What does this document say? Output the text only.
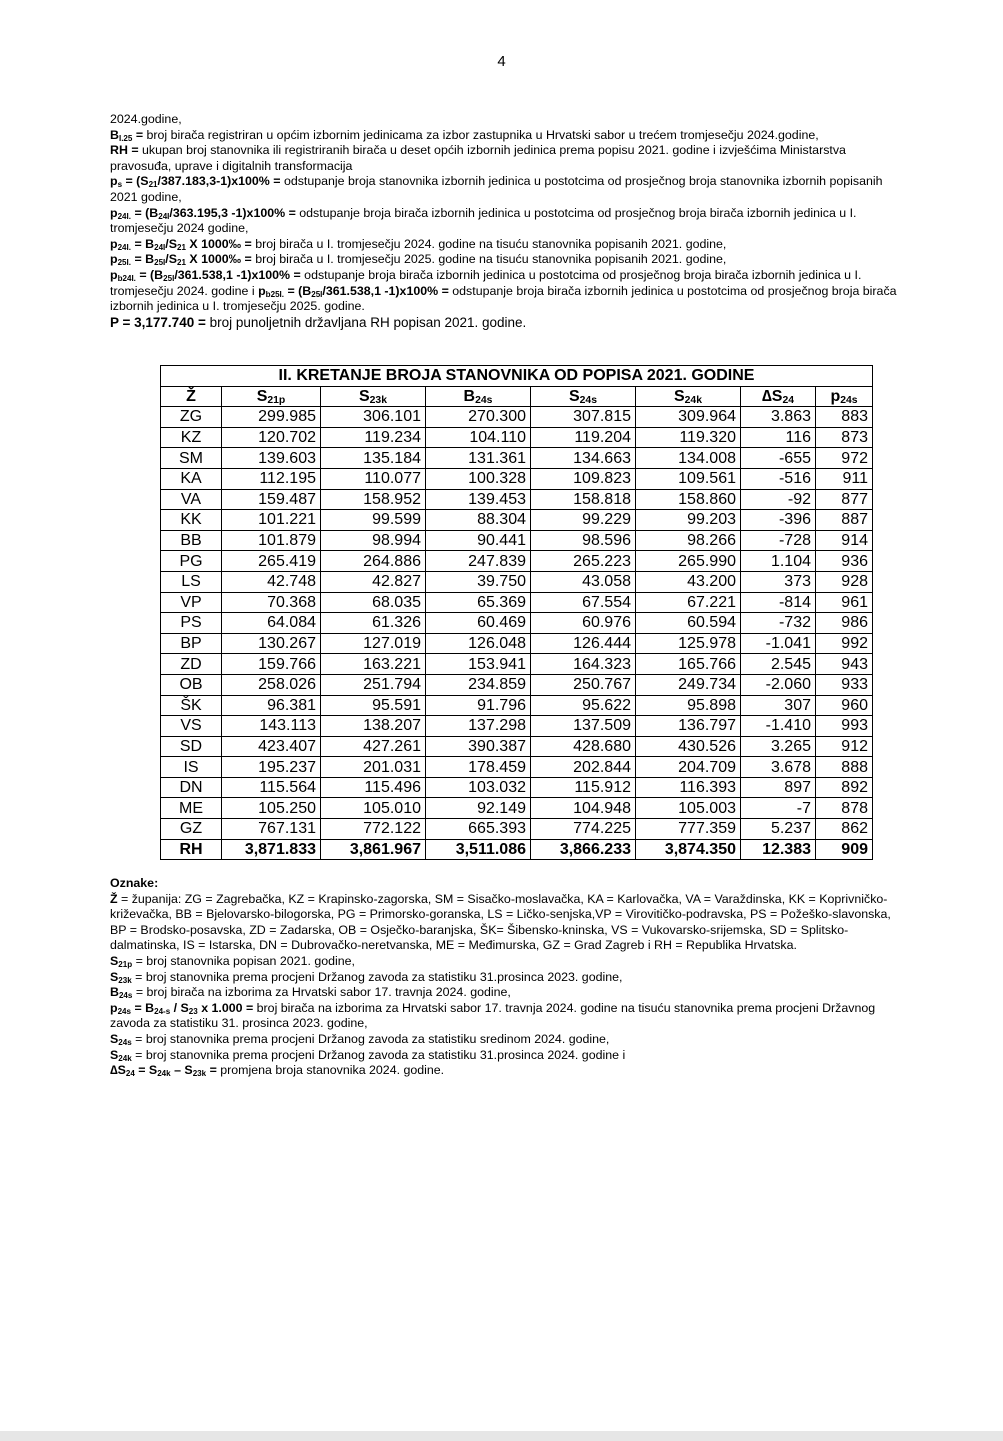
4

2024.godine,

$B_{I.25}$ = broj birača registriran u općim izbornim jedinicama za izbor zastupnika u Hrvatski sabor u trećem tromjesečju 2024.godine,

RH = ukupan broj stanovnika ili registriranih birača u deset općih izbornih jedinica prema popisu 2021. godine i izvješćima Ministarstva pravosuđa, uprave i digitalnih transformacija

$p_s = (S_{21}/387.183,3-1)x100\%$ = odstupanje broja stanovnika izbornih jedinica u postotcima od prosječnog broja stanovnika izbornih popisanih 2021 godine,

$p_{24I.} = (B_{24I}/363.195,3$ -1)x100% = odstupanje broja birača izbornih jedinica u postotcima od prosječnog broja birača izbornih jedinica u I. tromjesečju 2024 godine,

$p_{24I.} = B_{24I}/S_{21}$ X 1000‰ = broj birača u I. tromjesečju 2024. godine na tisuću stanovnika popisanih 2021. godine,

$p_{25I.} = B_{25I}/S_{21}$ X 1000‰ = broj birača u I. tromjesečju 2025. godine na tisuću stanovnika popisanih 2021. godine,

$p_{b24I.} = (B_{25I}/361.538,1$ -1)x100% = odstupanje broja birača izbornih jedinica u postotcima od prosječnog broja birača izbornih jedinica u I. tromjesečju 2024. godine i $p_{b25I.} = (B_{25I}/361.538,1$ -1)x100% = odstupanje broja birača izbornih jedinica u postotcima od prosječnog broja birača izbornih jedinica u I. tromjesečju 2025. godine.

P = 3,177.740 = broj punoljetnih državljana RH popisan 2021. godine.

II. KRETANJE BROJA STANOVNIKA OD POPISA 2021. GODINE							
Ž	$S_{21p}$	$S_{23k}$	$B_{24s}$	$S_{24s}$	$S_{24k}$	$\Delta S_{24}$	$p_{24s}$
ZG	299.985	306.101	270.300	307.815	309.964	3.863	883
KZ	120.702	119.234	104.110	119.204	119.320	116	873
SM	139.603	135.184	131.361	134.663	134.008	-655	972
KA	112.195	110.077	100.328	109.823	109.561	-516	911
VA	159.487	158.952	139.453	158.818	158.860	-92	877
KK	101.221	99.599	88.304	99.229	99.203	-396	887
BB	101.879	98.994	90.441	98.596	98.266	-728	914
PG	265.419	264.886	247.839	265.223	265.990	1.104	936
LS	42.748	42.827	39.750	43.058	43.200	373	928
VP	70.368	68.035	65.369	67.554	67.221	-814	961
PS	64.084	61.326	60.469	60.976	60.594	-732	986
BP	130.267	127.019	126.048	126.444	125.978	-1.041	992
ZD	159.766	163.221	153.941	164.323	165.766	2.545	943
OB	258.026	251.794	234.859	250.767	249.734	-2.060	933
ŠK	96.381	95.591	91.796	95.622	95.898	307	960
VS	143.113	138.207	137.298	137.509	136.797	-1.410	993
SD	423.407	427.261	390.387	428.680	430.526	3.265	912
IS	195.237	201.031	178.459	202.844	204.709	3.678	888
DN	115.564	115.496	103.032	115.912	116.393	897	892
ME	105.250	105.010	92.149	104.948	105.003	-7	878
GZ	767.131	772.122	665.393	774.225	777.359	5.237	862
RH	3,871.833	3,861.967	3,511.086	3,866.233	3,874.350	12.383	909

Oznake:

Ž = županija: ZG = Zagrebačka, KZ = Krapinsko-zagorska, SM = Sisačko-moslavačka, KA = Karlovačka, VA = Varaždinska, KK = Koprivničko-križevačka, BB = Bjelovarsko-bilogorska, PG = Primorsko-goranska, LS = Ličko-senjska,VP = Virovitičko-podravska, PS = Požeško-slavonska, BP = Brodsko-posavska, ZD = Zadarska, OB = Osječko-baranjska, ŠK= Šibensko-kninska, VS = Vukovarsko-srijemska, SD = Splitsko-dalmatinska, IS = Istarska, DN = Dubrovačko-neretvanska, ME = Međimurska, GZ = Grad Zagreb i RH = Republika Hrvatska.

$S_{21p}$ = broj stanovnika popisan 2021. godine,

$S_{23k}$ = broj stanovnika prema procjeni Držanog zavoda za statistiku 31.prosinca 2023. godine,

$B_{24s}$ = broj birača na izborima za Hrvatski sabor 17. travnja 2024. godine,

$p_{24s} = B_{24-s} / S_{23}$ x 1.000 = broj birača na izborima za Hrvatski sabor 17. travnja 2024. godine na tisuću stanovnika prema procjeni Državnog zavoda za statistiku 31. prosinca 2023. godine,

$S_{24s}$ = broj stanovnika prema procjeni Držanog zavoda za statistiku sredinom 2024. godine,

$S_{24k}$ = broj stanovnika prema procjeni Držanog zavoda za statistiku 31.prosinca 2024. godine i

$\Delta S_{24} = S_{24k} - S_{23k}$ = promjena broja stanovnika 2024. godine.
